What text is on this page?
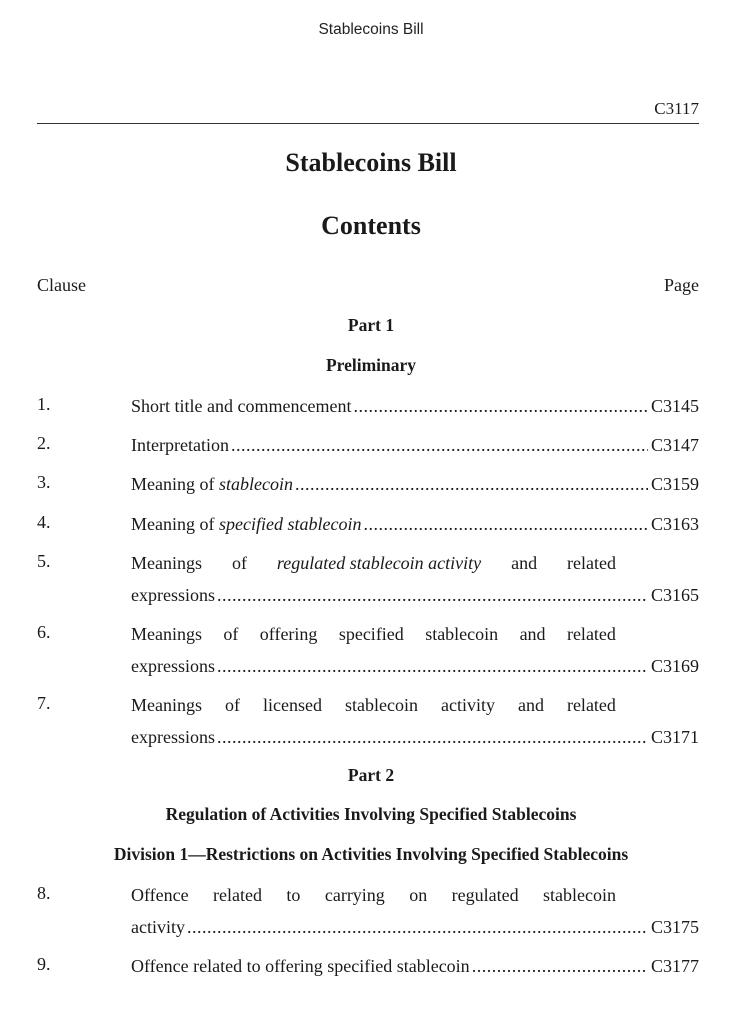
Stablecoins Bill
C3117
Stablecoins Bill
Contents
Clause	Page
Part 1
Preliminary
1.	Short title and commencement .....	C3145
2.	Interpretation .....	C3147
3.	Meaning of stablecoin .....	C3159
4.	Meaning of specified stablecoin .....	C3163
5.	Meanings of regulated stablecoin activity and related
expressions .....	C3165
6.	Meanings of offering specified stablecoin and related
expressions .....	C3169
7.	Meanings of licensed stablecoin activity and related
expressions .....	C3171
Part 2
Regulation of Activities Involving Specified Stablecoins
Division 1—Restrictions on Activities Involving Specified Stablecoins
8.	Offence related to carrying on regulated stablecoin
activity .....	C3175
9.	Offence related to offering specified stablecoin .....	C3177
